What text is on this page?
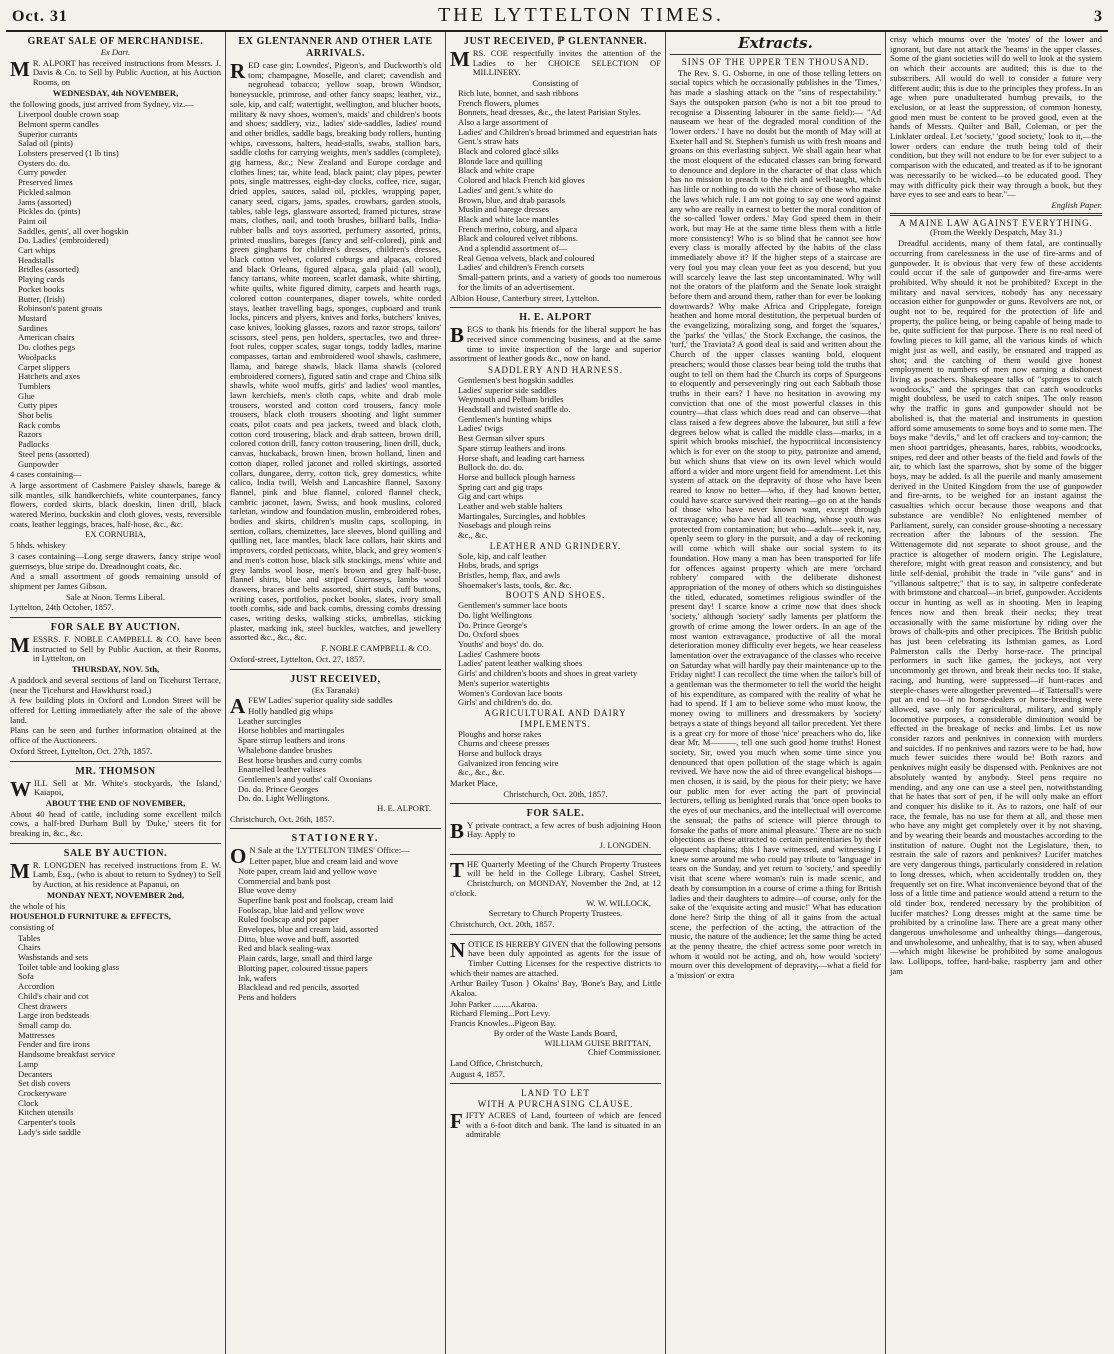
Oct. 31	THE LYTTELTON TIMES.	3
GREAT SALE OF MERCHANDISE.
Ex Dart.
M R. ALPORT has received instructions from Messrs. J. Davis & Co. to Sell by Public Auction, at his Auction Rooms, on
WEDNESDAY, 4th NOVEMBER,
the following goods, just arrived from Sydney, viz.—
Liverpool double crown soap
Belmont sperm candles
Superior currants
Salad oil (pints)
Lobsters preserved (1 lb tins)
Oysters do. do.
Curry powder
Preserved limes
Pickled salmon
Jams (assorted)
Pickles do. (pints)
Paint oil
Saddles, gents', all over hogskin
Do. Ladies' (embroidered)
Cart whips
Headstalls
Bridles (assorted)
Playing cards
Pocket books
Butter, (Irish)
Robinson's patent groats
Mustard
Sardines
American chairs
Do. clothes pegs
Woolpacks
Carpet slippers
Hatchets and axes
Tumblers
Glue
Cutty pipes
Shot belts
Rack combs
Razors
Padlocks
Steel pens (assorted)
Gunpowder
4 cases containing—
A large assortment of Cashmere Paisley shawls, barege & silk mantles, silk handkerchiefs, white counterpanes, fancy flowers, corded skirts, black doeskin, linen drill, black watered Merino, buckskin and cloth gloves, vests, reversible coats, leather leggings, braces, half-hose, &c., &c.
EX CORNUBIA,
5 hhds. whiskey
3 cases containing—Long serge drawers, fancy stripe wool guernseys, blue stripe do. Dreadnought coats, &c.
And a small assortment of goods remaining unsold of shipment per James Gibson.
Sale at Noon. Terms Liberal.
Lyttelton, 24th October, 1857.
FOR SALE BY AUCTION.
MESSRS. F. NOBLE CAMPBELL & CO. have been instructed to Sell by Public Auction, at their Rooms, in Lyttelton, on
THURSDAY, NOV. 5th,
A paddock and several sections of land on Ticehurst Terrace, (near the Ticehurst and Hawkhurst road.)
A few building plots in Oxford and London Street will be offered for Letting immediately after the sale of the above land.
Plans can be seen and further information obtained at the office of the Auctioneers.
Oxford Street, Lyttelton, Oct. 27th, 1857.
MR. THOMSON
WILL Sell at Mr. White's stockyards, 'the Island,' Kaiapoi,
ABOUT THE END OF NOVEMBER,
About 40 head of cattle, including some excellent milch cows, a half-bred Durham Bull by 'Duke,' steers fit for breaking in, &c., &c.
SALE BY AUCTION.
M R. LONGDEN has received instructions from E. W. Lamb, Esq., (who is about to return to Sydney) to Sell by Auction, at his residence at Papanui, on
MONDAY NEXT, NOVEMBER 2nd,
the whole of his
HOUSEHOLD FURNITURE & EFFECTS,
consisting of
Tables
Chairs
Washstands and sets
Toilet table and looking glass
Sofa
Accordion
Child's chair and cot
Chest drawers
Large iron bedsteads
Small camp do.
Mattresses
Fender and fire irons
Handsome breakfast service
Lamp
Decanters
Set dish covers
Crockeryware
Clock
Kitchen utensils
Carpenter's tools
Lady's side saddle
EX GLENTANNER AND OTHER LATE ARRIVALS.
RED case gin; Lowndes', Pigeon's, and Duckworth's old tom; champagne, Moselle, and claret; cavendish and negrohead tobacco; yellow soap, brown Windsor, honeysuckle, primrose, and other fancy soaps; leather, viz., sole, kip, and calf; watertight, wellington, and blucher boots, military & navy shoes, women's, maids' and children's boots and shoes; saddlery, viz., ladies' side-saddles, ladies' round and other bridles, saddle bags, breaking body rollers, hunting whips, cavessons, halters, head-stalls, swabs, stallion bars, saddle cloths for carrying weights, men's saddles (complete), gig harness, &c.; New Zealand and Europe cordage and clothes lines; tar, white lead, black paint; clay pipes, pewter pots, single mattresses, eight-day clocks, coffee, rice, sugar, dried apples, sauces, salad oil, pickles, wrapping paper, canary seed, cigars, jams, spades, crowbars, garden stools, tables, table legs, glassware assorted, framed pictures, straw mats, clothes, nail, and tooth brushes, billiard balls, India-rubber balls and toys assorted, perfumery assorted, prints, printed muslins, bareges (fancy and self-colored), pink and green ginghams for children's dresses, children's dresses, black cotton velvet, colored coburgs and alpacas, colored and black Orleans, figured alpaca, gala plaid (all wool), fancy tartans, white moreen, scarlet damask, white shirting, white quilts, white figured dimity, carpets and hearth rugs, colored cotton counterpanes, diaper towels, white corded stays, leather travelling bags, sponges, cupboard and trunk locks, pincers and plyers, knives and forks, butchers' knives, case knives, looking glasses, razors and razor strops, tailors' scissors, steel pens, pen holders, spectacles, two and three-foot rules, copper scales, sugar tongs, toddy ladles, marine compasses, tartan and embroidered wool shawls, cashmere, llama, and barege shawls, black llama shawls (colored embroidered corners), figured satin and crape and China silk shawls, white wool muffs, girls' and ladies' wool mantles, lawn kerchiefs, men's cloth caps, white and drab mole trousers, worsted and cotton cord trousers, fancy mole trousers, black cloth trousers shooting and light summer coats, pilot coats and pea jackets, tweed and black cloth, cotton cord trousering, black and drab satteen, brown drill, colored cotton drill, fancy cotton trousering, linen drill, duck, canvas, huckaback, brown linen, brown holland, linen and cotton diaper, rolled jaconet and rolled skirtings, assorted collars, dungaree, derry, cotton tick, grey domestics, white calico, India twill, Welsh and Lancashire flannel, Saxony flannel, pink and blue flannel, colored flannel check, cambric jaconet, lawn, Swiss, and book muslins, colored tarletan, window and foundation muslin, embroidered robes, bodies and skirts, children's muslin caps, scolloping, in sertion, collars, chemizettes, lace sleeves, blond quilling and quilling net, lace mantles, black lace collars, hair skirts and improvers, corded petticoats, white, black, and grey women's and men's cotton hose, black silk stockings, mens' white and grey lambs wool hose, men's brown and grey half-hose, flannel shirts, blue and striped Guernseys, lambs wool drawers, braces and belts assorted, shirt studs, cuff buttons, writing cases, portfolios, pocket books, slates, ivory small tooth combs, side and back combs, dressing combs dressing cases, writing desks, walking sticks, umbrellas, sticking plaster, marking ink, steel buckles, watches, and jewellery assorted &c., &c., &c.
F. NOBLE CAMPBELL & CO.
Oxford-street, Lyttelton, Oct. 27, 1857.
JUST RECEIVED,
(Ex Taranaki)
AFEW Ladies' superior quality side saddles
Holly handled gig whips
Leather surcingles
Horse hobbles and martingales
Spare stirrup leathers and irons
Whalebone dandee brushes
Best horse brushes and curry combs
Enamelled leather valises
Gentlemen's and youths' calf Oxonians
Do. do. Prince Georges
Do. do. Light Wellingtons.
H. E. ALPORT.
Christchurch, Oct. 26th, 1857.
STATIONERY.
O N Sale at the 'LYTTELTON TIMES' Office:—
Letter paper, blue and cream laid and wove
Note paper, cream laid and yellow wove
Commercial and bank post
Blue wove demy
Superfine bank post and foolscap, cream laid
Foolscap, blue laid and yellow wove
Ruled foolscap and pot paper
Envelopes, blue and cream laid, assorted
Ditto, blue wove and buff, assorted
Red and black sealing-wax
Plain cards, large, small and third large
Blotting paper, coloured tissue papers
Ink, wafers
Blacklead and red pencils, assorted
Pens and holders
JUST RECEIVED, ℙ GLENTANNER.
MRS. COE respectfully invites the attention of the Ladies to her CHOICE SELECTION OF MILLINERY.
Consisting of
Rich lute, bonnet, and sash ribbons
French flowers, plumes
Bonnets, head dresses, &c., the latest Parisian Styles.
Also a large assortment of
Ladies' and Children's broad brimmed and equestrian hats
Gent.'s straw hats
Black and colored glacé silks
Blonde lace and quilling
Black and white crape
Colored and black French kid gloves
Ladies' and gent.'s white do
Brown, blue, and drab parasols
Muslin and barege dresses
Black and white lace mantles
French merino, coburg, and alpaca
Black and coloured velvet ribbons.
And a splendid assortment of—
Real Genoa velvets, black and coloured
Ladies' and children's French corsets
Small-pattern prints, and a variety of goods too numerous for the limits of an advertisement.
Albion House, Canterbury street, Lyttelton.
H. E. ALPORT
BEGS to thank his friends for the liberal support he has received since commencing business, and at the same time to invite inspection of the large and superior assortment of leather goods &c., now on hand.
SADDLERY AND HARNESS.
Gentlemen's best hogskin saddles
Ladies' superior side saddles
Weymouth and Pelham bridles
Headstall and twisted snaffle do.
Gentlemen's hunting whips
Ladies' twigs
Best German silver spurs
Spare stirrup leathers and irons
Horse shaft, and leading cart harness
Bullock do. do. do.
Horse and bullock plough harness
Spring cart and gig traps
Gig and cart whips
Leather and web stable halters
Martingales, Surcingles, and hobbles
Nosebags and plough reins
&c., &c.
LEATHER AND GRINDERY.
Sole, kip, and calf leather
Hobs, brads, and sprigs
Bristles, hemp, flax, and awls
Shoemaker's lasts, tools, &c. &c.
BOOTS AND SHOES.
Gentlemen's summer lace boots
Do. light Wellingtons
Do. Prince George's
Do. Oxford shoes
Youths' and boys' do. do.
Ladies' Cashmere boots
Ladies' patent leather walking shoes
Girls' and children's boots and shoes in great variety
Men's superior watertights
Women's Cordovan lace boots
Girls' and children's do. do.
AGRICULTURAL AND DAIRY IMPLEMENTS.
Ploughs and horse rakes
Churns and cheese presses
Horse and bullock drays
Galvanized iron fencing wire
&c., &c., &c.
Market Place,
Christchurch, Oct. 20th, 1857.
FOR SALE.
B Y private contract, a few acres of bush adjoining Hoon Hay. Apply to
J. LONGDEN.
THE Quarterly Meeting of the Church Property Trustees will be held in the College Library, Cashel Street, Christchurch, on MONDAY, November the 2nd, at 12 o'clock.
W. W. WILLOCK,
Secretary to Church Property Trustees.
Christchurch, Oct. 20th, 1857.
NOTICE IS HEREBY GIVEN that the following persons have been duly appointed as agents for the issue of Timber Cutting Licenses for the respective districts to which their names are attached.
Arthur Bailey Tuson } Okains' Bay, 'Bone's Bay, and Little Akaloa.
John Parker ........Akaroa.
Richard Fleming...Port Levy.
Francis Knowles...Pigeon Bay.
By order of the Waste Lands Board,
WILLIAM GUISE BRITTAN,
Chief Commissioner.
Land Office, Christchurch,
August 4, 1857.
LAND TO LET
WITH A PURCHASING CLAUSE.
FIFTY ACRES of Land, fourteen of which are fenced with a 6-foot ditch and bank. The land is situated in an admirable
Extracts.
SINS OF THE UPPER TEN THOUSAND.
The Rev. S. G. Osborne, in one of those telling letters on social topics which he occasionally publishes in the 'Times,' has made a slashing attack on the "sins of respectability." Says the outspoken parson (who is not a bit too proud to recognise a Dissenting labourer in the same field):— "Ad nauseam we hear of the degraded moral condition of the 'lower orders.' I have no doubt but the month of May will at Exeter hall and St. Stephen's furnish us with fresh moans and groans on this everlasting subject. We shall again hear what the most eloquent of the educated classes can bring forward to denounce and deplore in the character of that class which has no mission to preach to the rich and well-taught, which has little or nothing to do with the choice of those who make the laws which rule. I am not going to say one word against any who are really in earnest to better the moral condition of the so-called 'lower orders.' May God speed them in their work, but may He at the same time bless them with a little more consistency! Who is so blind that he cannot see how every class is morally affected by the habits of the class immediately above it? If the higher steps of a staircase are very foul you may clean your feet as you descend, but you will scarcely leave the last step uncontaminated. Why will not the orators of the platform and the Senate look straight before them and around them, rather than for ever be looking downwards? Why make Africa and Cripplegate, foreign heathen and home moral destitution, the perpetual burden of the evangelizing, moralizing song, and forget the 'squares,' the 'parks' the 'villas,' the Stock Exchange, the casinos, the 'turf,' the Traviata? A good deal is said and written about the Church of the upper classes wanting bold, eloquent preachers; would those classes bear being told the truths that ought to tell on them had the Church its corps of Spurgeons to eloquently and perseveringly ring out each Sabbath those truths in their ears? I have no hesitation in avowing my conviction that one of the most powerful classes in this country—that class which does read and can observe—that class raised a few degrees above the labourer, but still a few degrees below what is called the middle class—marks, in a spirit which brooks mischief, the hypocritical inconsistency which is for ever on the stoop to pity, patronize and amend, but which shuns that view on its own level which would afford a wider and more urgent field for amendment. Let this system of attack on the depravity of those who have been reared to know no better—who, if they had known better, could have scarce survived their rearing—go on at the hands of those who have never known want, except through extravagance; who have had all teaching, whose youth was protected from contamination; but who—adult—seek it, nay, openly seem to glory in the pursuit, and a day of reckoning will come which will shake our social system to its foundation. How many a man has been transported for life for offences against property which are mere 'orchard robbery' compared with the deliberate dishonest appropriation of the money of others which so distinguishes the titled, educated, sometimes religious swindler of the present day! I scarce know a crime now that does shock 'society,' although 'society' sadly laments per platform the growth of crime among the lower orders. In an age of the most wanton extravagance, productive of all the moral deterioration money difficulty ever begets, we hear ceaseless lamentation over the extravagance of the classes who receive on Saturday what will hardly pay their maintenance up to the Friday night! I can recollect the time when the tailor's bill of a gentleman was the thermometer to tell the world the height of his expenditure, as compared with the reality of what he had to spend. If I am to believe some who must know, the money owing to milliners and dressmakers by 'society' betrays a state of things beyond all tailor precedent. Yet there is a great cry for more of those 'nice' preachers who do, like dear Mr. M———, tell one such good home truths! Honest society, Sir, owed you much when some time since you denounced that open pollution of the stage which is again revived. We have now the aid of three evangelical bishops—men chosen, it is said, by the pious for their piety; we have our public men for ever acting the part of provincial lecturers, telling us benighted rurals that 'once open books to the eyes of our mechanics, and the intellectual will overcome the sensual; the paths of science will pierce through to forsake the paths of more animal pleasure.' There are no such objections as these attracted to certain penitentiaries by their eloquent chaplains; this I have witnessed, and witnessing I knew some around me who could pay tribute to 'language' in tears on the Sunday, and yet return to 'society,' and speedily visit that scene where woman's ruin is made scenic, and death by consumption in a course of crime a thing for British ladies and their daughters to admire—of course, only for the sake of the 'exquisite acting and music!' What has education done here? Strip the thing of all it gains from the actual scene, the perfection of the acting, the attraction of the music, the nature of the audience; let the same thing be acted at the penny theatre, the chief actress some poor wretch in whom it would not be acting, and oh, how would 'society' mourn over this development of depravity,—what a field for a 'mission' or extra
crisy which mourns over the 'motes' of the lower and ignorant, but dare not attack the 'beams' in the upper classes. Some of the giant societies will do well to look at the system on which their accounts are audited; this is due to the subscribers. All would do well to consider a future very different audit; this is due to the principles they profess. In an age when pure unadulterated humbug prevails, to the exclusion, or at least the suppression, of common honesty, good men must be content to be proved good, even at the hands of Messrs. Quilter and Ball, Coleman, or per the Linklater ordeal. Let 'society,' 'good society,' look to it,—the lower orders can endure the truth being told of their condition, but they will not endure to be for ever subject to a comparison with the educated, and treated as if to be ignorant was necessarily to be wicked—to be educated good. They may with difficulty pick their way through a book, but they have eyes to see and ears to hear."—
English Paper.
A MAINE LAW AGAINST EVERYTHING.
(From the Weekly Despatch, May 31.)
Dreadful accidents, many of them fatal, are continually occurring from carelessness in the use of fire-arms and of gunpowder. It is obvious that very few of these accidents could occur if the sale of gunpowder and fire-arms were prohibited. Why should it not be prohibited? Except in the military and naval services, nobody has any necessary occasion either for gunpowder or guns. Revolvers are not, or ought not to be, required for the protection of life and property, the police being, or being capable of being made to be, quite sufficient for that purpose. There is no real need of fowling pieces to kill game, all the various kinds of which might just as well, and easily, be ensnared and trapped as shot; and the catching of them would give honest employment to numbers of men now earning a dishonest living as poachers. Shakespeare talks of "springes to catch woodcocks," and the springes that can catch woodcocks might doubtless, be used to catch snipes. The only reason why the traffic in guns and gunpowder should not be abolished is, that the material and instruments in question afford some amusements to some boys and to some men. The boys make "devils," and let off crackers and toy-cannon; the men shoot partridges, pheasants, hares, rabbits, woodcocks, snipes, red deer and other beasts of the field and fowls of the air, to which last the sparrows, shot by some of the bigger boys, may be added. Is all the puerile and manly amusement derived in the United Kingdom from the use of gunpowder and fire-arms, to be weighed for an instant against the casualties which occur because those weapons and that substance are vendible? No enlightened member of Parliament, surely, can consider grouse-shooting a necessary recreation after the labours of the session. The Wittenagemote did not separate to shoot grouse, and the practice is altogether of modern origin. The Legislature, therefore, might with great reason and consistency, and but little self-denial, prohibit the trade in "vile guns" and in "villanous saltpetre;" that is to say, in saltpetre confederate with brimstone and charcoal—in brief, gunpowder. Accidents occur in hunting as well as in shooting. Men in leaping fences now and then break their necks; they treat occasionally with the same misfortune by riding over the brows of chalk-pits and other precipices. The British public has just been celebrating its Isthmian games, as Lord Palmerston calls the Derby horse-race. The principal performers in such like games, the jockeys, not very uncommonly get thrown, and break their necks too. If stake, racing, and hunting, were suppressed—if hunt-races and steeple-chases were altogether prevented—if Tattersall's were put an end to—if no horse-dealers or horse-breeding were allowed, save only for agricultural, military, and simply locomotive purposes, a considerable diminution would be effected in the breakage of necks and limbs. Let us now consider razors and penknives in connexion with murders and suicides. If no penknives and razors were to be had, how much fewer suicides there would be! Both razors and penknives might easily be dispensed with. Penknives are not absolutely wanted by anybody. Steel pens require no mending, and any one can use a steel pen, notwithstanding that he hates that sort of pen, if he will only make an effort and conquer his dislike to it. As to razors, one half of our race, the female, has no use for them at all, and those men who have any might get completely over it by not shaving, and by wearing their beards and moustaches according to the institution of nature. Ought not the Legislature, then, to restrain the sale of razors and penknives? Lucifer matches are very dangerous things, particularly considered in relation to long dresses, which, when accidentally trodden on, they frequently set on fire. What inconvenience beyond that of the loss of a little time and patience would attend a return to the old tinder box, rendered necessary by the prohibition of lucifer matches? Long dresses might at the same time be prohibited by a crinoline law. There are a great many other dangerous unwholesome and unhealthy things—dangerous, and unwholesome, and unhealthy, that is to say, when abused—which might likewise be prohibited by some analogous law. Lollipops, toffee, hard-bake, raspberry jam and other jam
